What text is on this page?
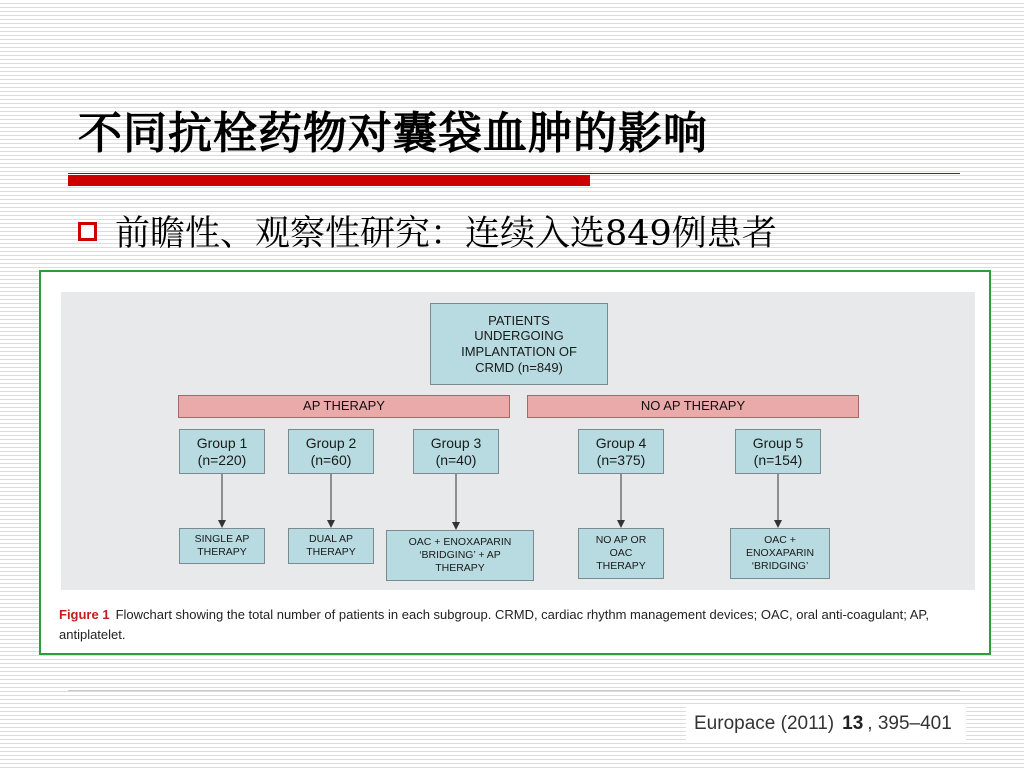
不同抗栓药物对囊袋血肿的影响
前瞻性、观察性研究：连续入选849例患者
PATIENTS
UNDERGOING
IMPLANTATION OF
CRMD (n=849)
AP THERAPY	NO AP THERAPY
Group 1
(n=220)
Group 2
(n=60)
Group 3
(n=40)
Group 4
(n=375)
Group 5
(n=154)
SINGLE AP
THERAPY
DUAL AP
THERAPY
OAC + ENOXAPARIN
‘BRIDGING’ + AP
THERAPY
NO AP OR
OAC
THERAPY
OAC +
ENOXAPARIN
‘BRIDGING’
Figure 1 Flowchart showing the total number of patients in each subgroup. CRMD, cardiac rhythm management devices; OAC, oral anti-coagulant; AP, antiplatelet.
Europace (2011) 13 , 395–401
